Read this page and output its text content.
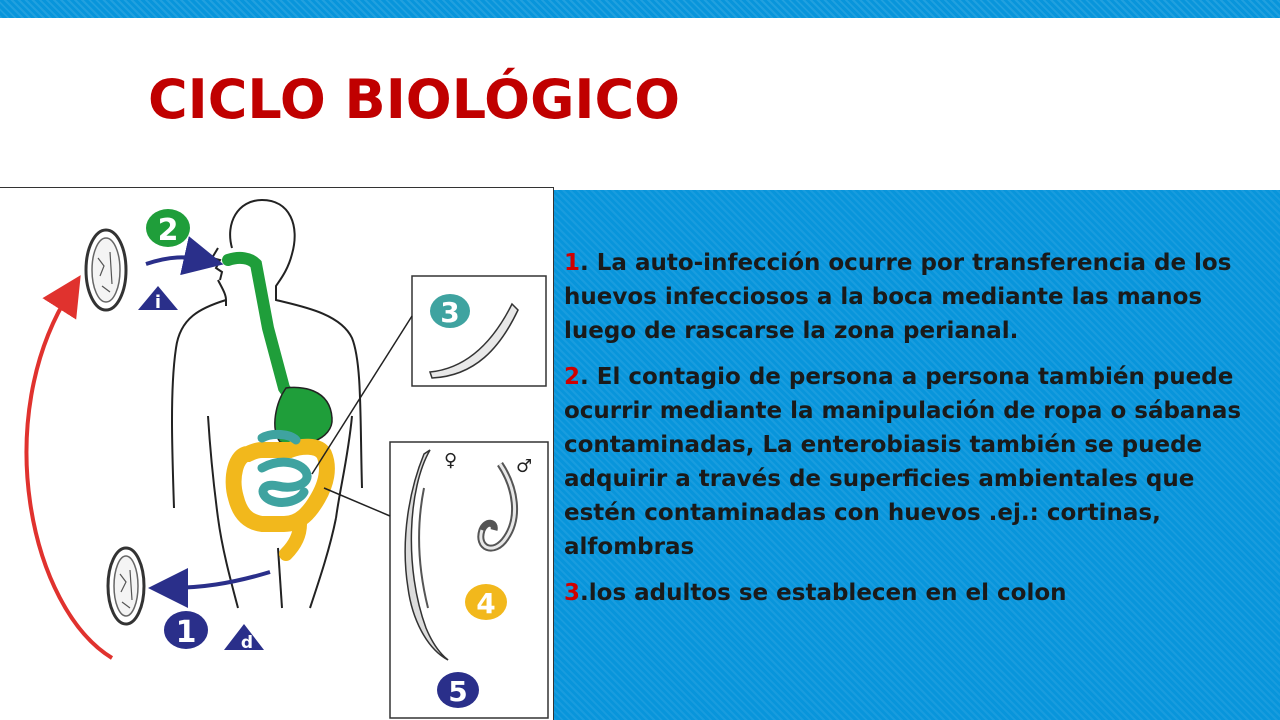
CICLO BIOLÓGICO
2
i
1	d
3
♀	♂
4
5

1. La auto-infección ocurre por transferencia de los huevos infecciosos a la boca mediante las manos luego de rascarse la zona perianal.

2. El contagio de persona a persona también puede ocurrir mediante la manipulación de ropa o sábanas contaminadas, La enterobiasis también se puede adquirir a través de superficies ambientales que estén contaminadas con huevos .ej.: cortinas, alfombras

3.los adultos se establecen en el colon
